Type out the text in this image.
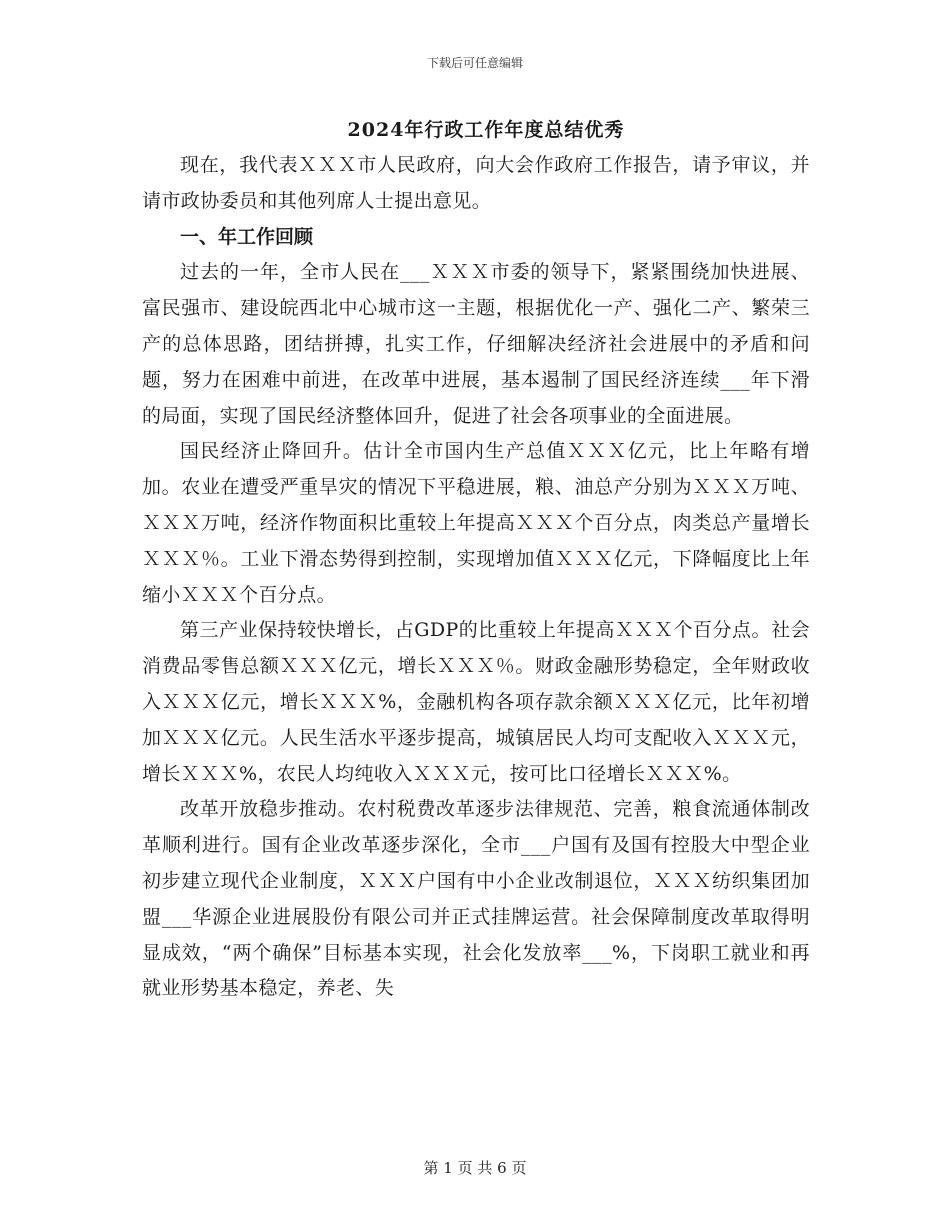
下载后可任意编辑
2024年行政工作年度总结优秀

现在，我代表ＸＸＸ市人民政府，向大会作政府工作报告，请予审议，并请市政协委员和其他列席人士提出意见。

一、年工作回顾

过去的一年，全市人民在___ＸＸＸ市委的领导下，紧紧围绕加快进展、富民强市、建设皖西北中心城市这一主题，根据优化一产、强化二产、繁荣三产的总体思路，团结拼搏，扎实工作，仔细解决经济社会进展中的矛盾和问题，努力在困难中前进，在改革中进展，基本遏制了国民经济连续___年下滑的局面，实现了国民经济整体回升，促进了社会各项事业的全面进展。

国民经济止降回升。估计全市国内生产总值ＸＸＸ亿元，比上年略有增加。农业在遭受严重旱灾的情况下平稳进展，粮、油总产分别为ＸＸＸ万吨、ＸＸＸ万吨，经济作物面积比重较上年提高ＸＸＸ个百分点，肉类总产量增长ＸＸＸ％。工业下滑态势得到控制，实现增加值ＸＸＸ亿元，下降幅度比上年缩小ＸＸＸ个百分点。

第三产业保持较快增长，占GDP的比重较上年提高ＸＸＸ个百分点。社会消费品零售总额ＸＸＸ亿元，增长ＸＸＸ％。财政金融形势稳定，全年财政收入ＸＸＸ亿元，增长ＸＸＸ%，金融机构各项存款余额ＸＸＸ亿元，比年初增加ＸＸＸ亿元。人民生活水平逐步提高，城镇居民人均可支配收入ＸＸＸ元，增长ＸＸＸ%，农民人均纯收入ＸＸＸ元，按可比口径增长ＸＸＸ%。

改革开放稳步推动。农村税费改革逐步法律规范、完善，粮食流通体制改革顺利进行。国有企业改革逐步深化，全市___户国有及国有控股大中型企业初步建立现代企业制度，ＸＸＸ户国有中小企业改制退位，ＸＸＸ纺织集团加盟___华源企业进展股份有限公司并正式挂牌运营。社会保障制度改革取得明显成效，“两个确保”目标基本实现，社会化发放率___%，下岗职工就业和再就业形势基本稳定，养老、失

第 1 页 共 6 页
